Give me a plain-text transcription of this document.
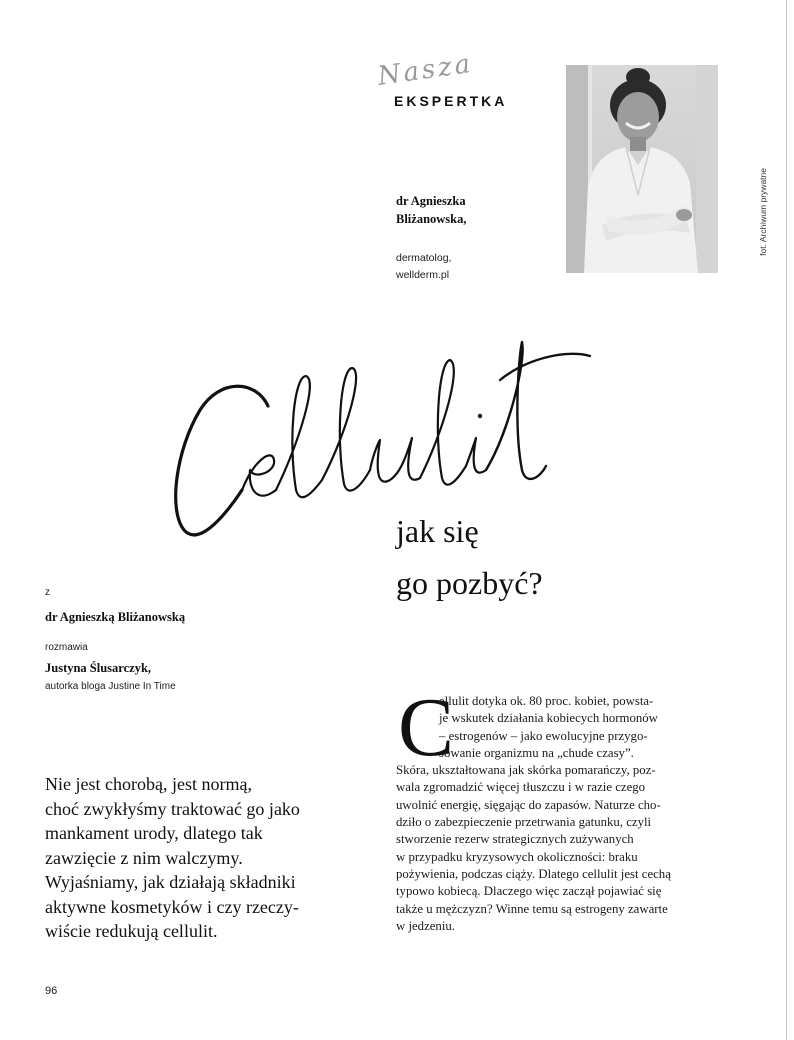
Nasza
EKSPERTKA
dr Agnieszka
Bliżanowska,
dermatolog,
wellderm.pl
fot. Archiwum prywatne
jak się
go pozbyć?
z
dr Agnieszką Bliżanowską
rozmawia
Justyna Ślusarczyk,
autorka bloga Justine In Time
Nie jest chorobą, jest normą,
choć zwykłyśmy traktować go jako
mankament urody, dlatego tak
zawzięcie z nim walczymy.
Wyjaśniamy, jak działają składniki
aktywne kosmetyków i czy rzeczy-
wiście redukują cellulit.
C
ellulit dotyka ok. 80 proc. kobiet, powsta-
je wskutek działania kobiecych hormonów
– estrogenów – jako ewolucyjne przygo-
sowanie organizmu na „chude czasy”.
Skóra, ukształtowana jak skórka pomarańczy, poz-
wala zgromadzić więcej tłuszczu i w razie czego
uwolnić energię, sięgając do zapasów. Naturze cho-
dziło o zabezpieczenie przetrwania gatunku, czyli
stworzenie rezerw strategicznych zużywanych
w przypadku kryzysowych okoliczności: braku
pożywienia, podczas ciąży. Dlatego cellulit jest cechą
typowo kobiecą. Dlaczego więc zaczął pojawiać się
także u mężczyzn? Winne temu są estrogeny zawarte
w jedzeniu.
96
